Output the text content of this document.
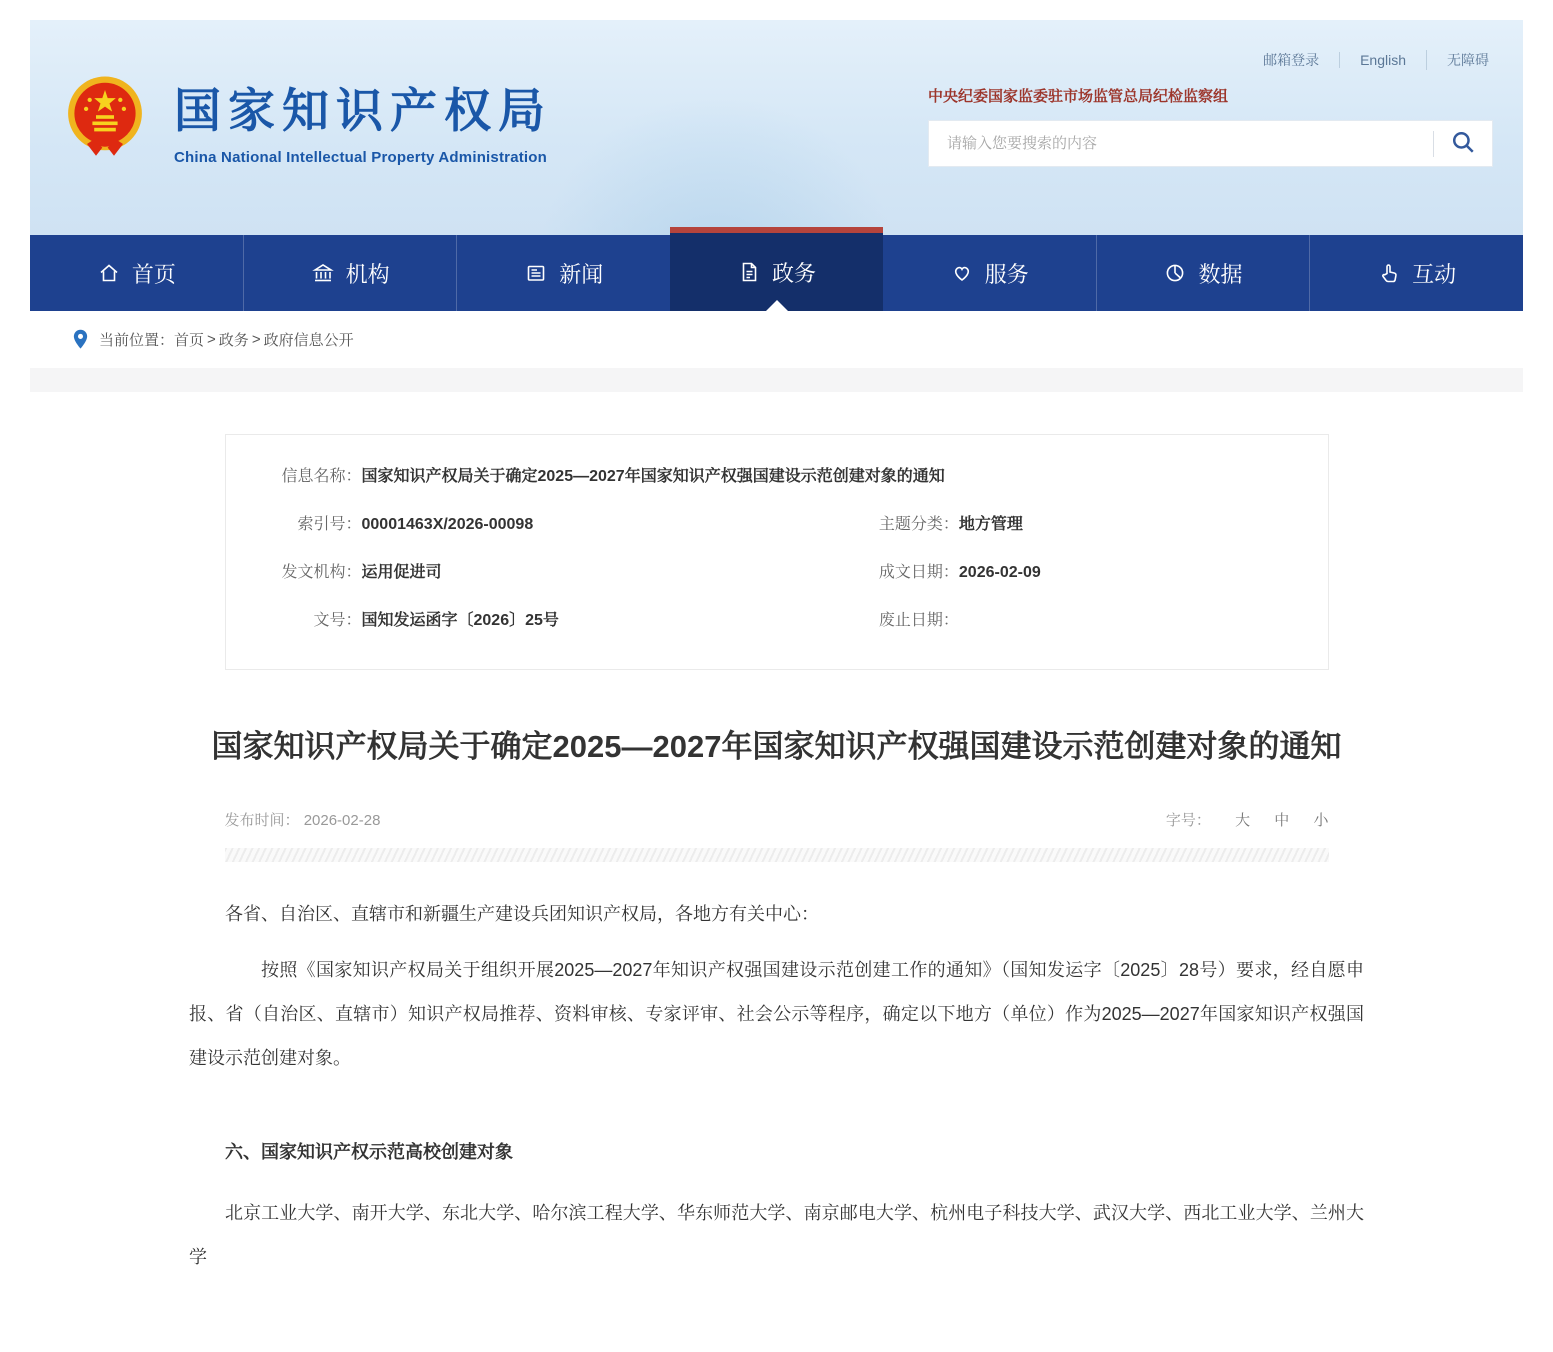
国家知识产权局
China National Intellectual Property Administration
邮箱登录	English	无障碍
中央纪委国家监委驻市场监管总局纪检监察组
请输入您要搜索的内容
首页	机构	新闻	政务	服务	数据	互动
当前位置： 首页 > 政务 > 政府信息公开
信息名称： 国家知识产权局关于确定2025—2027年国家知识产权强国建设示范创建对象的通知
索引号： 00001463X/2026-00098	主题分类： 地方管理
发文机构： 运用促进司	成文日期： 2026-02-09
文号： 国知发运函字〔2026〕25号	废止日期：
国家知识产权局关于确定2025—2027年国家知识产权强国建设示范创建对象的通知
发布时间： 2026-02-28	字号： 大 中 小

各省、自治区、直辖市和新疆生产建设兵团知识产权局，各地方有关中心：

按照《国家知识产权局关于组织开展2025—2027年知识产权强国建设示范创建工作的通知》（国知发运字〔2025〕28号）要求，经自愿申报、省（自治区、直辖市）知识产权局推荐、资料审核、专家评审、社会公示等程序，确定以下地方（单位）作为2025—2027年国家知识产权强国建设示范创建对象。

六、国家知识产权示范高校创建对象

北京工业大学、南开大学、东北大学、哈尔滨工程大学、华东师范大学、南京邮电大学、杭州电子科技大学、武汉大学、西北工业大学、兰州大学
